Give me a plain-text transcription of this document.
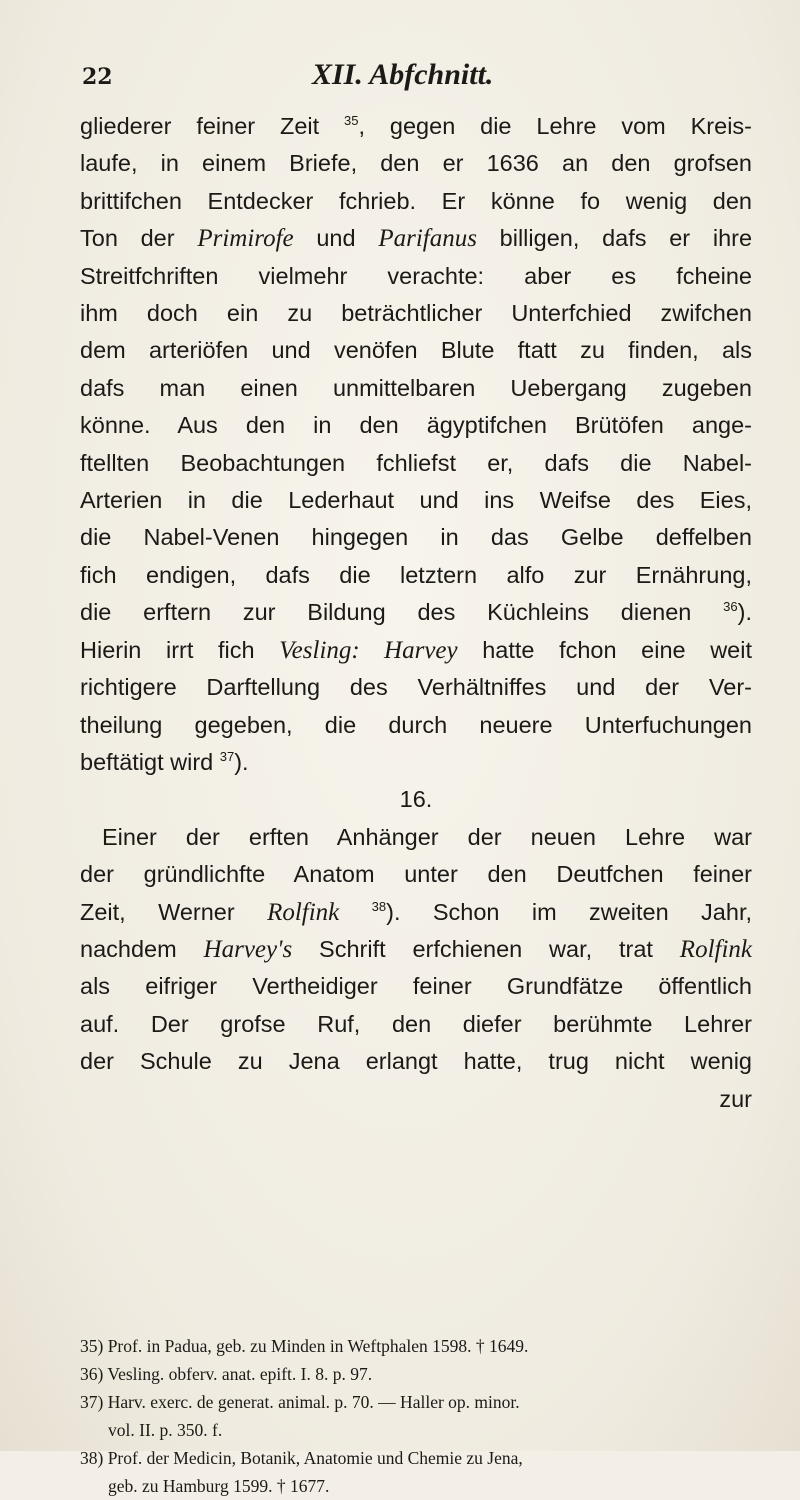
22	XII. Abfchnitt.
gliederer feiner Zeit $^{35}$, gegen die Lehre vom Kreis-
laufe, in einem Briefe, den er 1636 an den grofsen
brittifchen Entdecker fchrieb. Er könne fo wenig den
Ton der Primirofe und Parifanus billigen, dafs er ihre
Streitfchriften vielmehr verachte: aber es fcheine
ihm doch ein zu beträchtlicher Unterfchied zwifchen
dem arteriöfen und venöfen Blute ftatt zu finden, als
dafs man einen unmittelbaren Uebergang zugeben
könne. Aus den in den ägyptifchen Brütöfen ange-
ftellten Beobachtungen fchliefst er, dafs die Nabel-
Arterien in die Lederhaut und ins Weifse des Eies,
die Nabel-Venen hingegen in das Gelbe deffelben
fich endigen, dafs die letztern alfo zur Ernährung,
die erftern zur Bildung des Küchleins dienen $^{36}$).
Hierin irrt fich Vesling: Harvey hatte fchon eine weit
richtigere Darftellung des Verhältniffes und der Ver-
theilung gegeben, die durch neuere Unterfuchungen
beftätigt wird $^{37}$).
16.
Einer der erften Anhänger der neuen Lehre war
der gründlichfte Anatom unter den Deutfchen feiner
Zeit, Werner Rolfink $^{38}$). Schon im zweiten Jahr,
nachdem Harvey's Schrift erfchienen war, trat Rolfink
als eifriger Vertheidiger feiner Grundfätze öffentlich
auf. Der grofse Ruf, den diefer berühmte Lehrer
der Schule zu Jena erlangt hatte, trug nicht wenig
zur
35) Prof. in Padua, geb. zu Minden in Weftphalen 1598. † 1649.
36) Vesling. obferv. anat. epift. I. 8. p. 97.
37) Harv. exerc. de generat. animal. p. 70. — Haller op. minor.
vol. II. p. 350. f.
38) Prof. der Medicin, Botanik, Anatomie und Chemie zu Jena,
geb. zu Hamburg 1599. † 1677.
